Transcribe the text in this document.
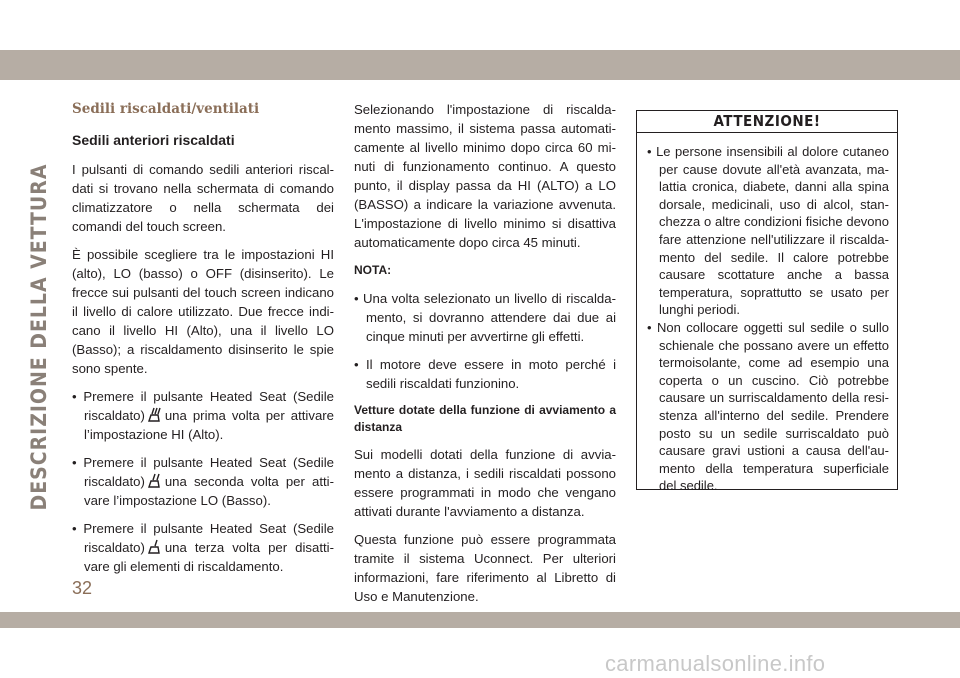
DESCRIZIONE DELLA VETTURA
Sedili riscaldati/ventilati
Sedili anteriori riscaldati

I pulsanti di comando sedili anteriori riscaldati si trovano nella schermata di comando climatizzatore o nella schermata dei comandi del touch screen.

È possibile scegliere tra le impostazioni HI (alto), LO (basso) o OFF (disinserito). Le frecce sui pulsanti del touch screen indicano il livello di calore utilizzato. Due frecce indicano il livello HI (Alto), una il livello LO (Basso); a riscaldamento disinserito le spie sono spente.

• Premere il pulsante Heated Seat (Sedile riscaldato) una prima volta per attivare l’impostazione HI (Alto).

• Premere il pulsante Heated Seat (Sedile riscaldato) una seconda volta per attivare l’impostazione LO (Basso).

• Premere il pulsante Heated Seat (Sedile riscaldato) una terza volta per disattivare gli elementi di riscaldamento.

Selezionando l'impostazione di riscaldamento massimo, il sistema passa automaticamente al livello minimo dopo circa 60 minuti di funzionamento continuo. A questo punto, il display passa da HI (ALTO) a LO (BASSO) a indicare la variazione avvenuta. L'impostazione di livello minimo si disattiva automaticamente dopo circa 45 minuti.

NOTA:

• Una volta selezionato un livello di riscaldamento, si dovranno attendere dai due ai cinque minuti per avvertirne gli effetti.

• Il motore deve essere in moto perché i sedili riscaldati funzionino.

Vetture dotate della funzione di avviamento a distanza

Sui modelli dotati della funzione di avviamento a distanza, i sedili riscaldati possono essere programmati in modo che vengano attivati durante l'avviamento a distanza.

Questa funzione può essere programmata tramite il sistema Uconnect. Per ulteriori informazioni, fare riferimento al Libretto di Uso e Manutenzione.

ATTENZIONE!

• Le persone insensibili al dolore cutaneo per cause dovute all'età avanzata, malattia cronica, diabete, danni alla spina dorsale, medicinali, uso di alcol, stanchezza o altre condizioni fisiche devono fare attenzione nell'utilizzare il riscaldamento del sedile. Il calore potrebbe causare scottature anche a bassa temperatura, soprattutto se usato per lunghi periodi.

• Non collocare oggetti sul sedile o sullo schienale che possano avere un effetto termoisolante, come ad esempio una coperta o un cuscino. Ciò potrebbe causare un surriscaldamento della resistenza all'interno del sedile. Prendere posto su un sedile surriscaldato può causare gravi ustioni a causa dell'aumento della temperatura superficiale del sedile.

32
carmanualsonline.info
